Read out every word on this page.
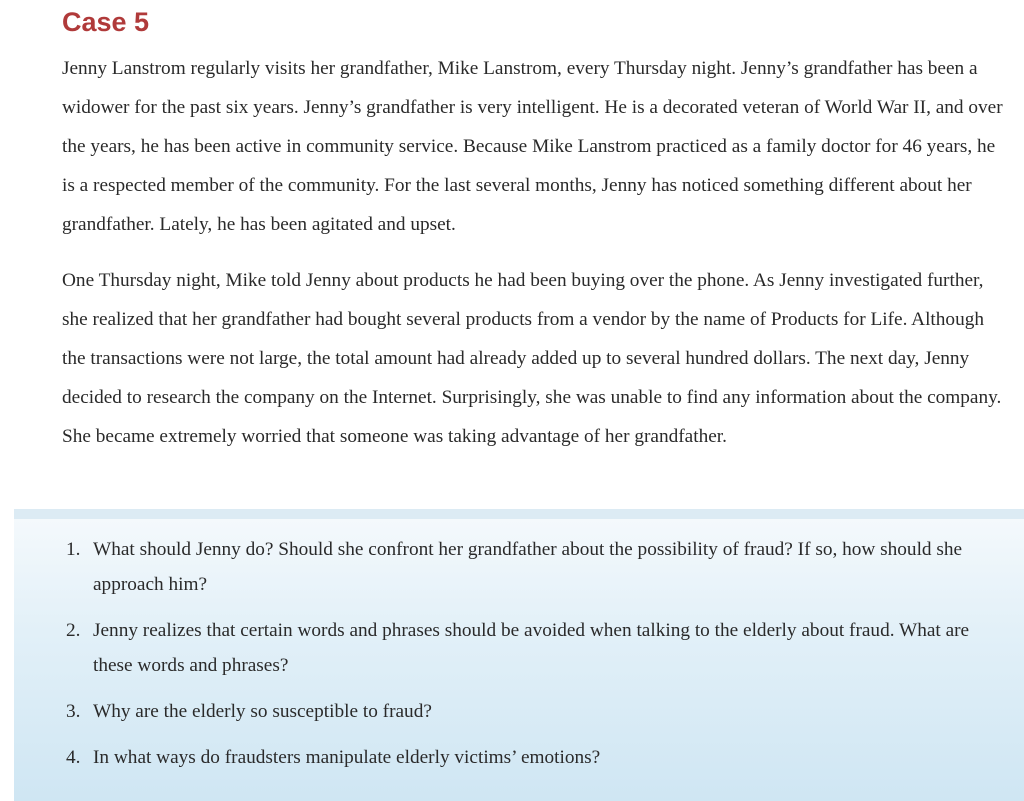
Case 5

Jenny Lanstrom regularly visits her grandfather, Mike Lanstrom, every Thursday night. Jenny’s grandfather has been a widower for the past six years. Jenny’s grandfather is very intelligent. He is a decorated veteran of World War II, and over the years, he has been active in community service. Because Mike Lanstrom practiced as a family doctor for 46 years, he is a respected member of the community. For the last several months, Jenny has noticed something different about her grandfather. Lately, he has been agitated and upset.

One Thursday night, Mike told Jenny about products he had been buying over the phone. As Jenny investigated further, she realized that her grandfather had bought several products from a vendor by the name of Products for Life. Although the transactions were not large, the total amount had already added up to several hundred dollars. The next day, Jenny decided to research the company on the Internet. Surprisingly, she was unable to find any information about the company. She became extremely worried that someone was taking advantage of her grandfather.

1. What should Jenny do? Should she confront her grandfather about the possibility of fraud? If so, how should she approach him?
2. Jenny realizes that certain words and phrases should be avoided when talking to the elderly about fraud. What are these words and phrases?
3. Why are the elderly so susceptible to fraud?
4. In what ways do fraudsters manipulate elderly victims’ emotions?
